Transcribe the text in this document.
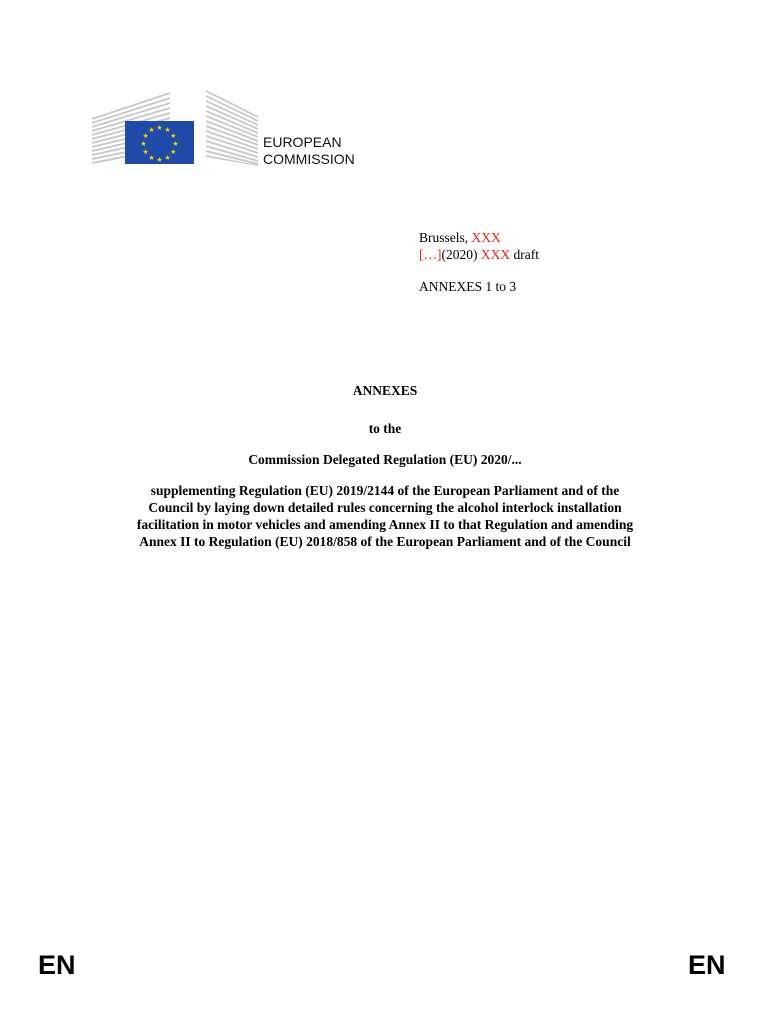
★ ★
★
★
★
★
★
★
★
★
★
★
EUROPEAN
COMMISSION
Brussels, XXX
[…](2020) XXX draft
ANNEXES 1 to 3
ANNEXES
to the
Commission Delegated Regulation (EU) 2020/...
supplementing Regulation (EU) 2019/2144 of the European Parliament and of the
Council by laying down detailed rules concerning the alcohol interlock installation
facilitation in motor vehicles and amending Annex II to that Regulation and amending
Annex II to Regulation (EU) 2018/858 of the European Parliament and of the Council
EN	EN
